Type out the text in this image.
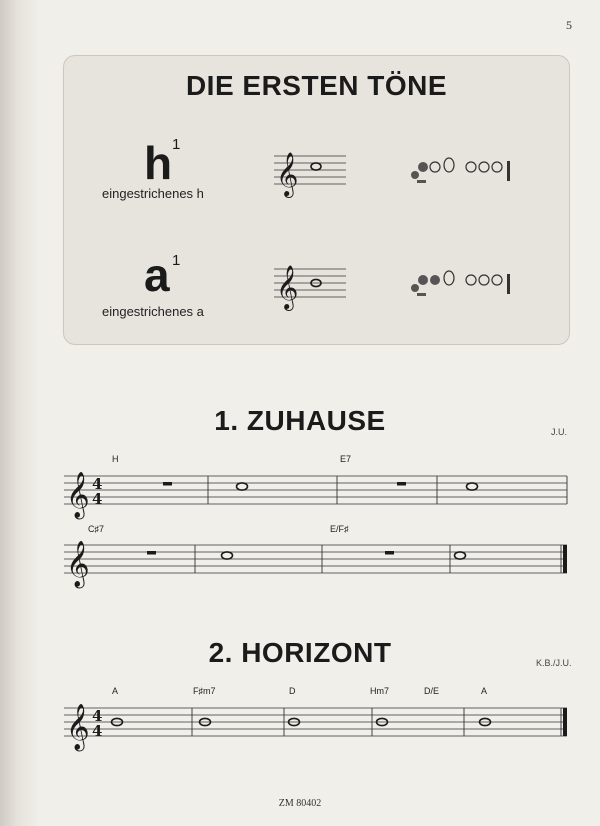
5
DIE ERSTEN TÖNE
h 1
eingestrichenes h
a 1
eingestrichenes a
𝄞
𝄞
1. ZUHAUSE	J.U.
H	E7
𝄞 4
4
C♯7	E/F♯
𝄞
2. HORIZONT	K.B./J.U.
A	F♯m7	D	Hm7	D/E	A
𝄞 4
4
ZM 80402
